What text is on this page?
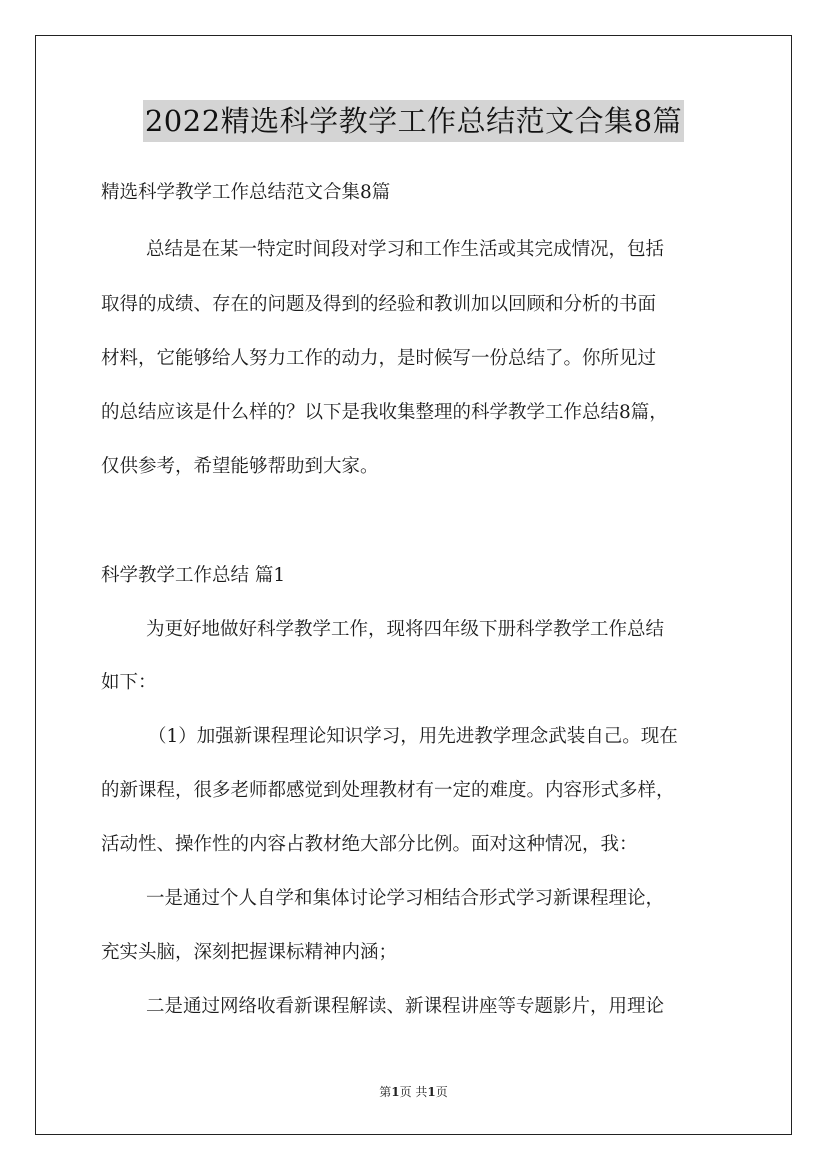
2022精选科学教学工作总结范文合集8篇
精选科学教学工作总结范文合集8篇
总结是在某一特定时间段对学习和工作生活或其完成情况，包括
取得的成绩、存在的问题及得到的经验和教训加以回顾和分析的书面
材料，它能够给人努力工作的动力，是时候写一份总结了。你所见过
的总结应该是什么样的？以下是我收集整理的科学教学工作总结8篇，
仅供参考，希望能够帮助到大家。
科学教学工作总结 篇1
为更好地做好科学教学工作，现将四年级下册科学教学工作总结
如下：
（1）加强新课程理论知识学习，用先进教学理念武装自己。现在
的新课程，很多老师都感觉到处理教材有一定的难度。内容形式多样，
活动性、操作性的内容占教材绝大部分比例。面对这种情况，我：
一是通过个人自学和集体讨论学习相结合形式学习新课程理论，
充实头脑，深刻把握课标精神内涵；
二是通过网络收看新课程解读、新课程讲座等专题影片，用理论
第1页 共1页
